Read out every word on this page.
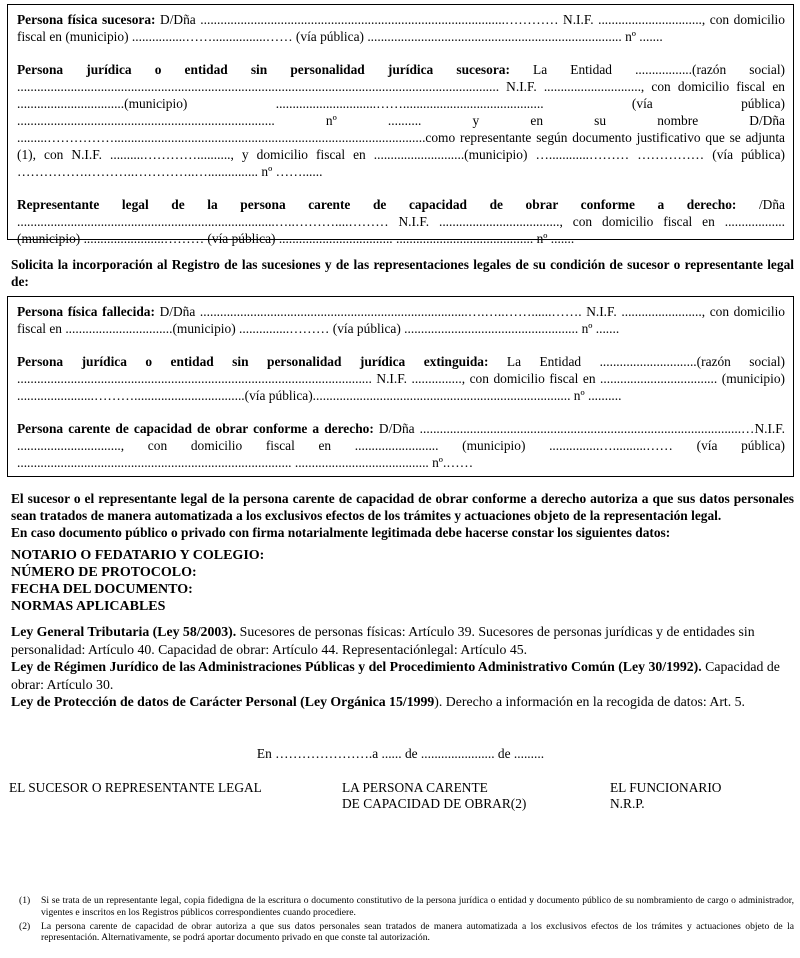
Persona física sucesora: D/Dña ...........................................................................................………… N.I.F. ..............................., con domicilio fiscal en (municipio) ................……................…… (vía pública) ............................................................................ nº .......

Persona jurídica o entidad sin personalidad jurídica sucesora: La Entidad .................(razón social) ................................................................................................................................................ N.I.F. ............................., con domicilio fiscal en ................................(municipio) ..............................…….......................................... (vía pública) ............................................................................. nº .......... y en su nombre D/Dña .........…………….............................................................................................como representante según documento justificativo que se adjunta (1), con N.I.F. ..........………….........., y domicilio fiscal en ...........................(municipio) …............……… …………… (vía pública) …………….………..…………..…............... nº ……......

Representante legal de la persona carente de capacidad de obrar conforme a derecho: /Dña .............................................................................…..………....……… N.I.F. ...................................., con domicilio fiscal en ..................(municipio) ........................……… (vía pública) .................................. ......................................... nº .......

Solicita la incorporación al Registro de las sucesiones y de las representaciones legales de su condición de sucesor o representante legal de:

Persona física fallecida: D/Dña ................................................................................….…..……......……. N.I.F. ........................, con domicilio fiscal en ................................(municipio) ...............……… (vía pública) .................................................... nº .......

Persona jurídica o entidad sin personalidad jurídica extinguida: La Entidad .............................(razón social) .......................................................................................................... N.I.F. ..............., con domicilio fiscal en ................................... (municipio) .......................……….................................(vía pública)............................................................................. nº ..........

Persona carente de capacidad de obrar conforme a derecho: D/Dña ................................................................................................…N.I.F. ..............................., con domicilio fiscal en ......................... (municipio) ...............…..........…… (vía pública) .................................................................................. ........................................ nº.……

El sucesor o el representante legal de la persona carente de capacidad de obrar conforme a derecho autoriza a que sus datos personales sean tratados de manera automatizada a los exclusivos efectos de los trámites y actuaciones objeto de la representación legal.
En caso documento público o privado con firma notarialmente legitimada debe hacerse constar los siguientes datos:
NOTARIO O FEDATARIO Y COLEGIO:
NÚMERO DE PROTOCOLO:
FECHA DEL DOCUMENTO:
NORMAS APLICABLES
Ley General Tributaria (Ley 58/2003). Sucesores de personas físicas: Artículo 39. Sucesores de personas jurídicas y de entidades sin personalidad: Artículo 40. Capacidad de obrar: Artículo 44. Representaciónlegal: Artículo 45.
Ley de Régimen Jurídico de las Administraciones Públicas y del Procedimiento Administrativo Común (Ley 30/1992). Capacidad de obrar: Artículo 30.
Ley de Protección de datos de Carácter Personal (Ley Orgánica 15/1999). Derecho a información en la recogida de datos: Art. 5.
En ………………….a ...... de ...................... de .........
EL SUCESOR O REPRESENTANTE LEGAL	LA PERSONA CARENTE
DE CAPACIDAD DE OBRAR(2)
EL FUNCIONARIO
N.R.P.
(1)	Si se trata de un representante legal, copia fidedigna de la escritura o documento constitutivo de la persona jurídica o entidad y documento público de su nombramiento de cargo o administrador, vigentes e inscritos en los Registros públicos correspondientes cuando procediere.
(2)	La persona carente de capacidad de obrar autoriza a que sus datos personales sean tratados de manera automatizada a los exclusivos efectos de los trámites y actuaciones objeto de la representación. Alternativamente, se podrá aportar documento privado en que conste tal autorización.
